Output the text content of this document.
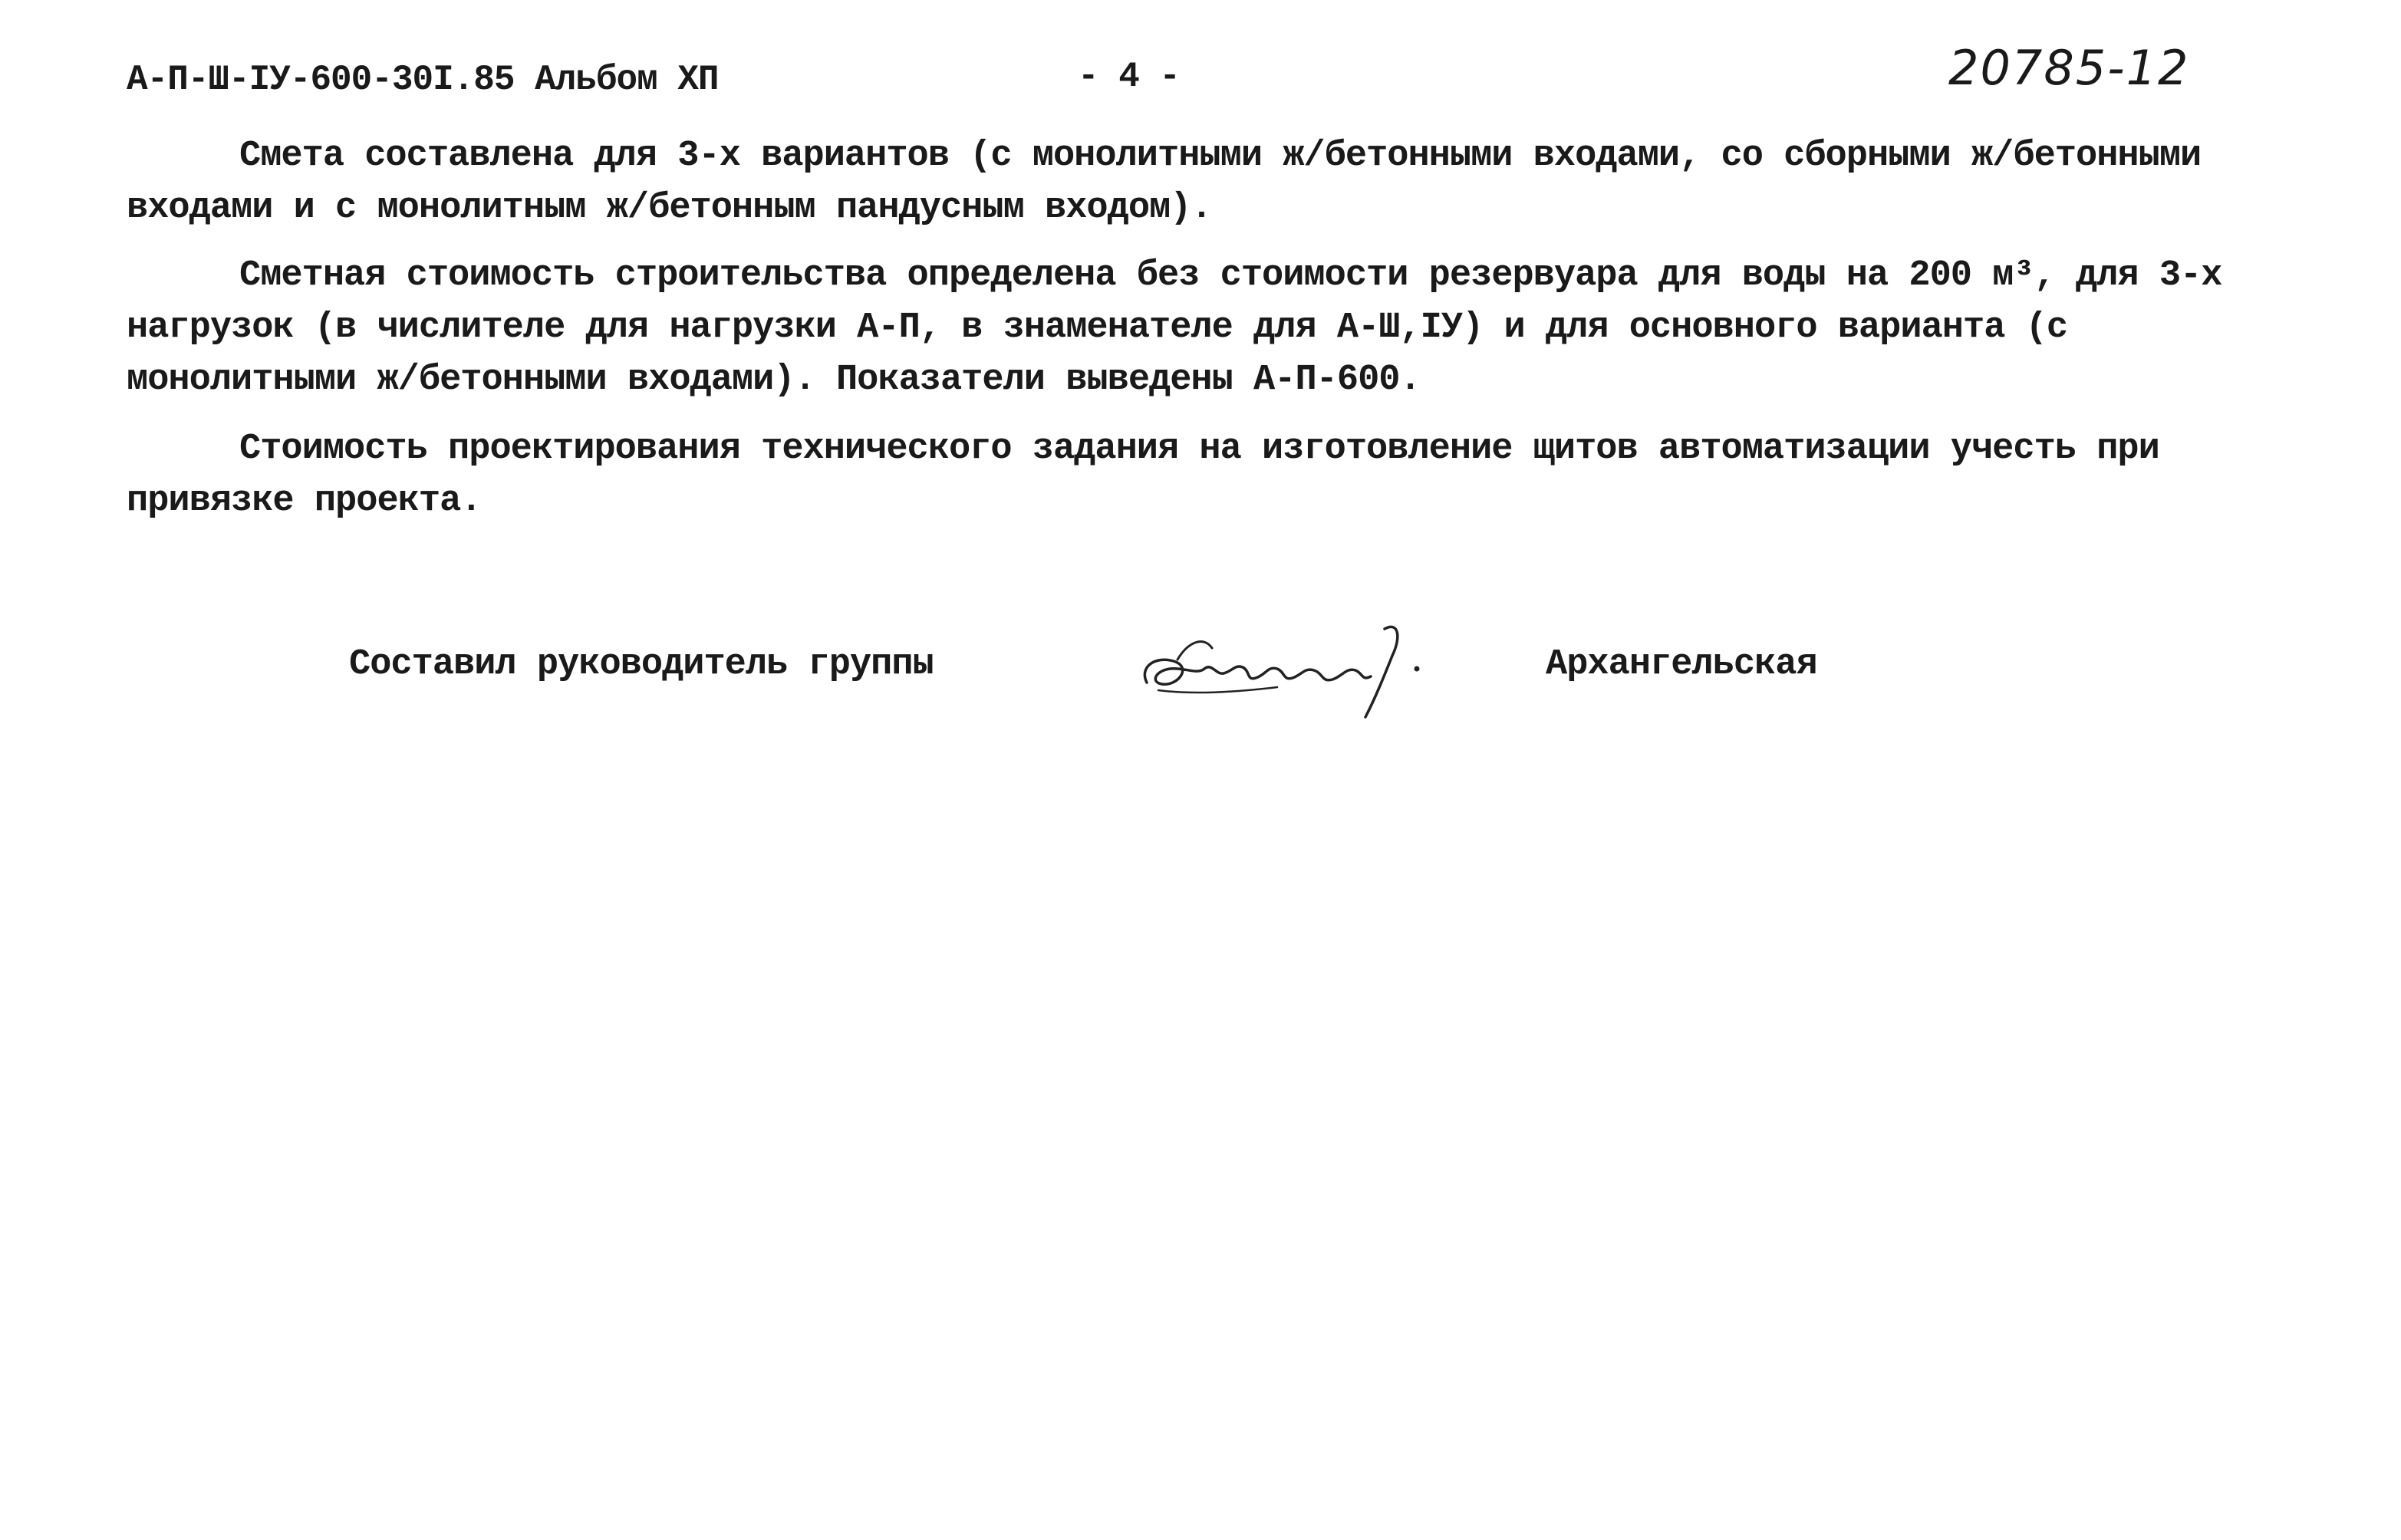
А-П-Ш-ІУ-600-30І.85 Альбом ХП	- 4 -	20785-12

Смета составлена для 3-х вариантов (с монолитными ж/бетонными входами, со сборными ж/бетонными входами и с монолитным ж/бетонным пандусным входом).

Сметная стоимость строительства определена без стоимости резервуара для воды на 200 м³, для 3-х нагрузок (в числителе для нагрузки А-П, в знаменателе для А-Ш,ІУ) и для основного варианта (с монолитными ж/бетонными входами). Показатели выведены А-П-600.

Стоимость проектирования технического задания на изготовление щитов автоматизации учесть при привязке проекта.

Составил руководитель группы	Архангельская
